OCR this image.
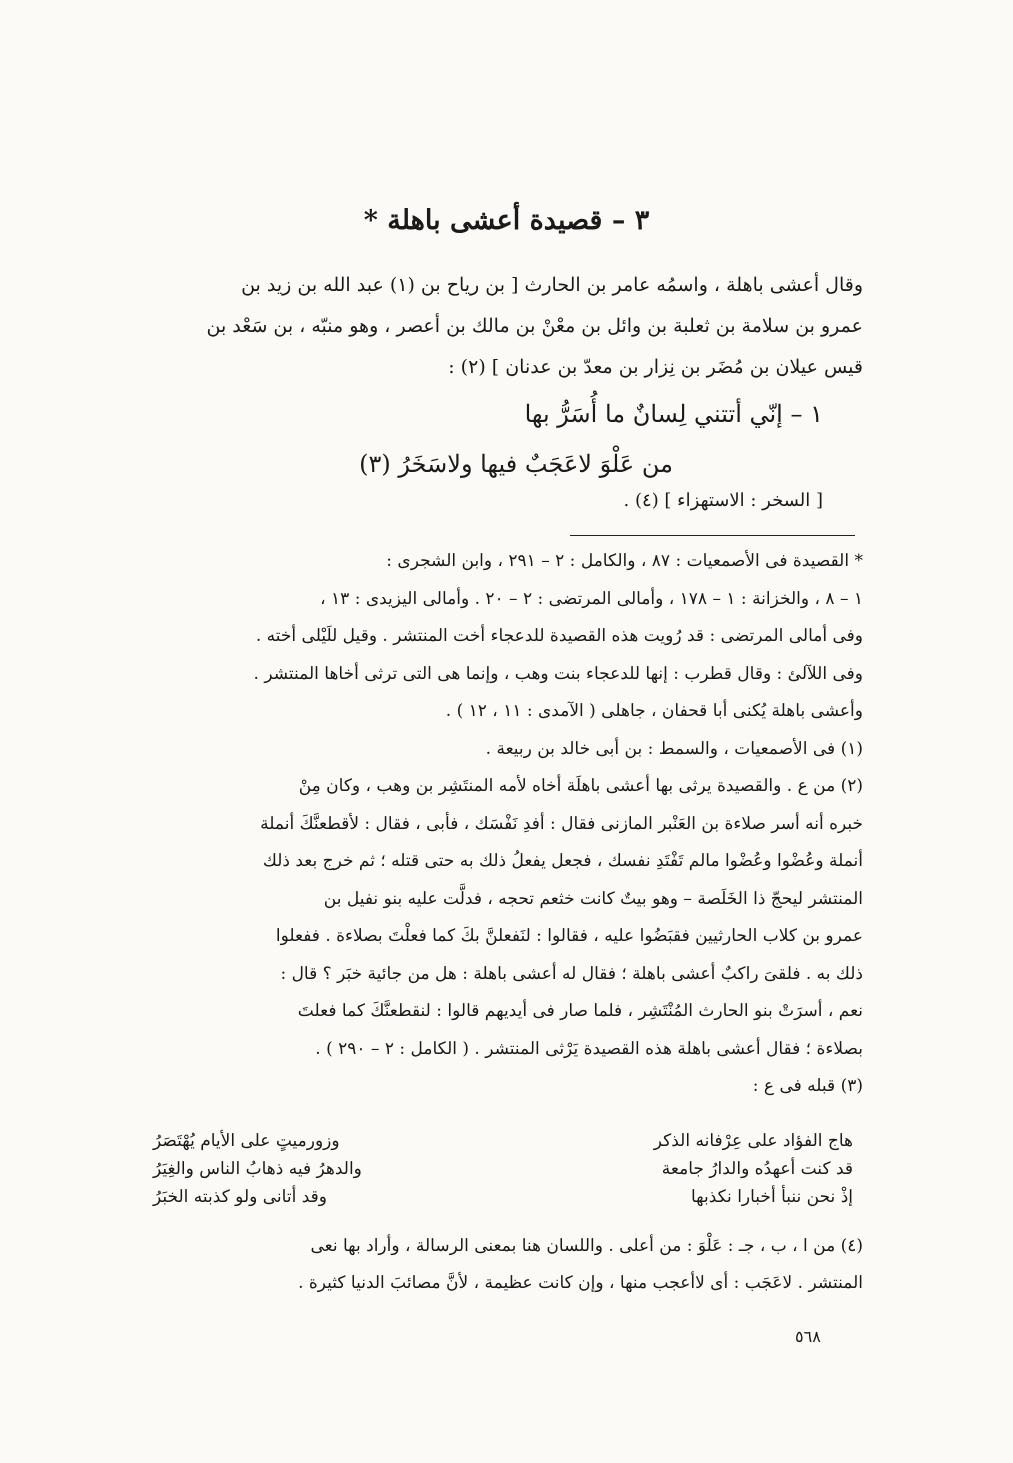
٣ – قصيدة أعشى باهلة *
وقال أعشى باهلة ، واسمُه عامر بن الحارث [ بن رياح بن (١) عبد الله بن زيد بن
عمرو بن سلامة بن ثعلبة بن وائل بن معْنْ بن مالك بن أعصر ، وهو منبّه ، بن سَعْد بن
قيس عيلان بن مُضَر بن نِزار بن معدّ بن عدنان ] (٢) :
١ – إنّي أتتني لِسانٌ ما أُسَرُّ بها
من عَلْوَ لاعَجَبٌ فيها ولاسَخَرُ (٣)
[ السخر : الاستهزاء ] (٤) .
* القصيدة فى الأصمعيات : ٨٧ ، والكامل : ٢ – ٢٩١ ، وابن الشجرى :
١ – ٨ ، والخزانة : ١ – ١٧٨ ، وأمالى المرتضى : ٢ – ٢٠ . وأمالى اليزيدى : ١٣ ،
وفى أمالى المرتضى : قد رُويت هذه القصيدة للدعجاء أخت المنتشر . وقيل للَيْلى أخته .
وفى اللآلئ : وقال قطرب : إنها للدعجاء بنت وهب ، وإنما هى التى ترثى أخاها المنتشر .
وأعشى باهلة يُكنى أبا قحفان ، جاهلى ( الآمدى : ١١ ، ١٢ ) .
(١) فى الأصمعيات ، والسمط : بن أبى خالد بن ربيعة .
(٢) من ع . والقصيدة يرثى بها أعشى باهلَة أخاه لأمه المنتَشِر بن وهب ، وكان مِنْ
خبره أنه أسر صلاءة بن العَنْبر المازنى فقال : أفدِ نَفْسَك ، فأبى ، فقال : لأقطعنَّكَ أنملة
أنملة وعُضْوا وعُضْوا مالم تَفْتَدِ نفسك ، فجعل يفعلُ ذلك به حتى قتله ؛ ثم خرج بعد ذلك
المنتشر ليحجّ ذا الخَلَصة – وهو بيتٌ كانت خثعم تحجه ، فدلَّت عليه بنو نفيل بن
عمرو بن كلاب الحارثيين فقبَضُوا عليه ، فقالوا : لنَفعلنَّ بكَ كما فعلْتَ بصلاءة . ففعلوا
ذلك به . فلقىَ راكبٌ أعشى باهلة ؛ فقال له أعشى باهلة : هل من جائية خبَر ؟ قال :
نعم ، أسرَتْ بنو الحارث المُنْتَشِر ، فلما صار فى أيديهم قالوا : لنقطعنَّكَ كما فعلتَ
بصلاءة ؛ فقال أعشى باهلة هذه القصيدة يَرْثى المنتشر . ( الكامل : ٢ – ٢٩٠ ) .
(٣) قبله فى ع :
هاج الفؤاد على عِرْفانه الذكر
وزورميتٍ على الأيام يُهْتَصَرُ
قد كنت أعهدُه والدارُ جامعة
والدهرُ فيه ذهابُ الناس والغِيَرُ
إذْ نحن ننبأ أخبارا نكذبها
وقد أتانى ولو كذبته الخبَرُ
(٤) من ا ، ب ، جـ : عَلْوَ : من أعلى . واللسان هنا بمعنى الرسالة ، وأراد بها نعى
المنتشر . لاعَجَب : أى لاأعجب منها ، وإن كانت عظيمة ، لأنَّ مصائبَ الدنيا كثيرة .
٥٦٨
